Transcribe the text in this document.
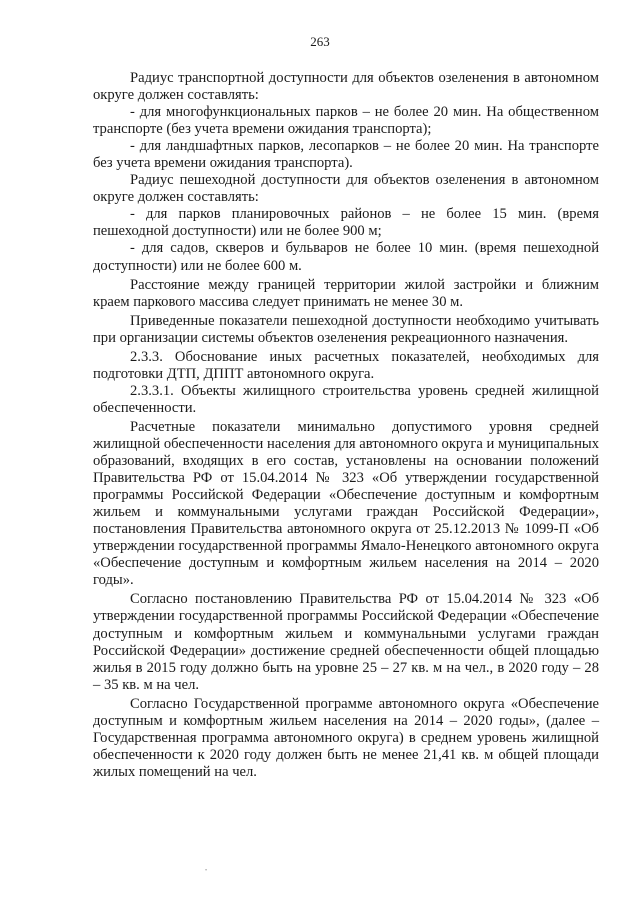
263

Радиус транспортной доступности для объектов озеленения в автономном округе должен составлять:

- для многофункциональных парков – не более 20 мин. На общественном транспорте (без учета времени ожидания транспорта);

- для ландшафтных парков, лесопарков – не более 20 мин. На транспорте без учета времени ожидания транспорта).

Радиус пешеходной доступности для объектов озеленения в автономном округе должен составлять:

- для парков планировочных районов – не более 15 мин. (время пешеходной доступности) или не более 900 м;

- для садов, скверов и бульваров не более 10 мин. (время пешеходной доступности) или не более 600 м.

Расстояние между границей территории жилой застройки и ближним краем паркового массива следует принимать не менее 30 м.

Приведенные показатели пешеходной доступности необходимо учитывать при организации системы объектов озеленения рекреационного назначения.

2.3.3. Обоснование иных расчетных показателей, необходимых для подготовки ДТП, ДППТ автономного округа.

2.3.3.1. Объекты жилищного строительства уровень средней жилищной обеспеченности.

Расчетные показатели минимально допустимого уровня средней жилищной обеспеченности населения для автономного округа и муниципальных образований, входящих в его состав, установлены на основании положений Правительства РФ от 15.04.2014 № 323 «Об утверждении государственной программы Российской Федерации «Обеспечение доступным и комфортным жильем и коммунальными услугами граждан Российской Федерации», постановления Правительства автономного округа от 25.12.2013 № 1099-П «Об утверждении государственной программы Ямало-Ненецкого автономного округа «Обеспечение доступным и комфортным жильем населения на 2014 – 2020 годы».

Согласно постановлению Правительства РФ от 15.04.2014 № 323 «Об утверждении государственной программы Российской Федерации «Обеспечение доступным и комфортным жильем и коммунальными услугами граждан Российской Федерации» достижение средней обеспеченности общей площадью жилья в 2015 году должно быть на уровне 25 – 27 кв. м на чел., в 2020 году – 28 – 35 кв. м на чел.

Согласно Государственной программе автономного округа «Обеспечение доступным и комфортным жильем населения на 2014 – 2020 годы», (далее – Государственная программа автономного округа) в среднем уровень жилищной обеспеченности к 2020 году должен быть не менее 21,41 кв. м общей площади жилых помещений на чел.

•
